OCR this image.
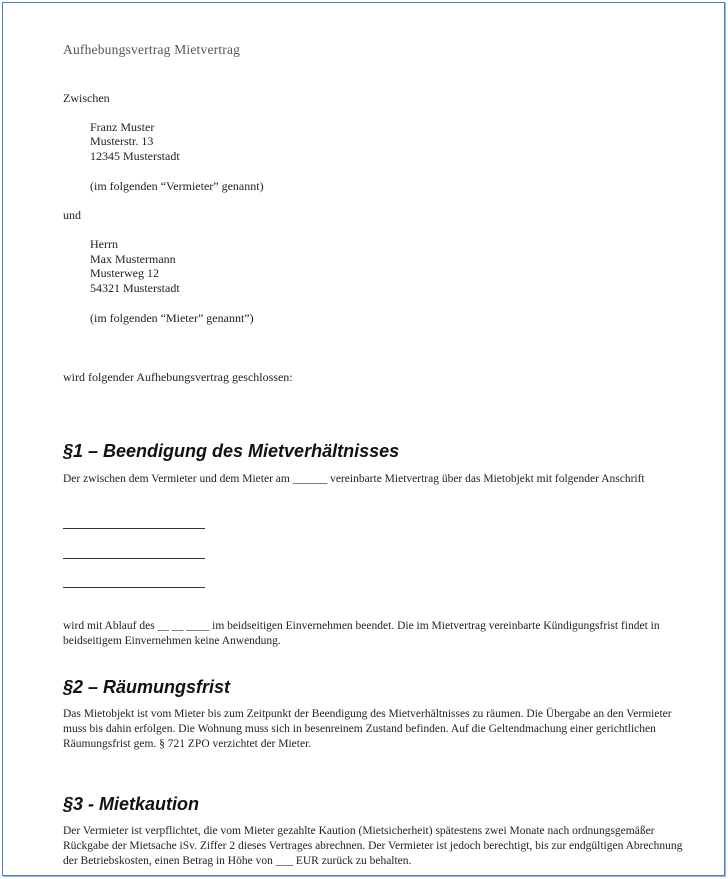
Aufhebungsvertrag Mietvertrag
Zwischen
Franz Muster
Musterstr. 13
12345 Musterstadt
(im folgenden “Vermieter” genannt)
und
Herrn
Max Mustermann
Musterweg 12
54321 Musterstadt
(im folgenden “Mieter” genannt”)
wird folgender Aufhebungsvertrag geschlossen:
§1 – Beendigung des Mietverhältnisses
Der zwischen dem Vermieter und dem Mieter am ______ vereinbarte Mietvertrag über das Mietobjekt mit folgender Anschrift
wird mit Ablauf des __ __ ____ im beidseitigen Einvernehmen beendet. Die im Mietvertrag vereinbarte Kündigungsfrist findet in beidseitigem Einvernehmen keine Anwendung.
§2 – Räumungsfrist
Das Mietobjekt ist vom Mieter bis zum Zeitpunkt der Beendigung des Mietverhältnisses zu räumen. Die Übergabe an den Vermieter muss bis dahin erfolgen. Die Wohnung muss sich in besenreinem Zustand befinden. Auf die Geltendmachung einer gerichtlichen Räumungsfrist gem. § 721 ZPO verzichtet der Mieter.
§3 - Mietkaution
Der Vermieter ist verpflichtet, die vom Mieter gezahlte Kaution (Mietsicherheit) spätestens zwei Monate nach ordnungsgemäßer Rückgabe der Mietsache iSv. Ziffer 2 dieses Vertrages abrechnen. Der Vermieter ist jedoch berechtigt, bis zur endgültigen Abrechnung der Betriebskosten, einen Betrag in Höhe von ___ EUR zurück zu behalten.
